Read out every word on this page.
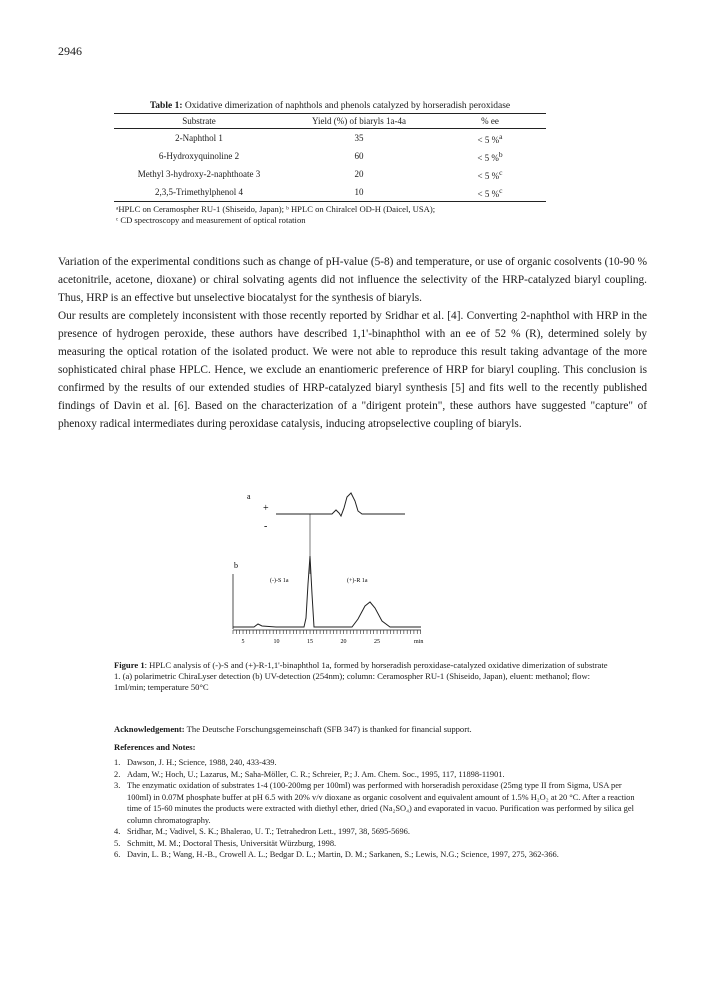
2946
Table 1: Oxidative dimerization of naphthols and phenols catalyzed by horseradish peroxidase
Substrate	Yield (%) of biaryls 1a-4a	% ee
2-Naphthol 1	35	< 5 %$^a$
6-Hydroxyquinoline 2	60	< 5 %$^b$
Methyl 3-hydroxy-2-naphthoate 3	20	< 5 %$^c$
2,3,5-Trimethylphenol 4	10	< 5 %$^c$
ᵃHPLC on Ceramospher RU-1 (Shiseido, Japan); ᵇ HPLC on Chiralcel OD-H (Daicel, USA);
ᶜ CD spectroscopy and measurement of optical rotation

Variation of the experimental conditions such as change of pH-value (5-8) and temperature, or use of organic cosolvents (10-90 % acetonitrile, acetone, dioxane) or chiral solvating agents did not influence the selectivity of the HRP-catalyzed biaryl coupling. Thus, HRP is an effective but unselective biocatalyst for the synthesis of biaryls.

Our results are completely inconsistent with those recently reported by Sridhar et al. [4]. Converting 2-naphthol with HRP in the presence of hydrogen peroxide, these authors have described 1,1'-binaphthol with an ee of 52 % (R), determined solely by measuring the optical rotation of the isolated product. We were not able to reproduce this result taking advantage of the more sophisticated chiral phase HPLC. Hence, we exclude an enantiomeric preference of HRP for biaryl coupling. This conclusion is confirmed by the results of our extended studies of HRP-catalyzed biaryl synthesis [5] and fits well to the recently published findings of Davin et al. [6]. Based on the characterization of a "dirigent protein", these authors have suggested "capture" of phenoxy radical intermediates during peroxidase catalysis, inducing atropselective coupling of biaryls.

a
+
-
b
(-)-S 1a	(+)-R 1a
5	10	15	20	25	min
Figure 1: HPLC analysis of (-)-S and (+)-R-1,1'-binaphthol 1a, formed by horseradish peroxidase-catalyzed oxidative dimerization of substrate 1. (a) polarimetric ChiraLyser detection (b) UV-detection (254nm); column: Ceramospher RU-1 (Shiseido, Japan), eluent: methanol; flow: 1ml/min; temperature 50°C
Acknowledgement: The Deutsche Forschungsgemeinschaft (SFB 347) is thanked for financial support.
References and Notes:
1. Dawson, J. H.; Science, 1988, 240, 433-439.
2. Adam, W.; Hoch, U.; Lazarus, M.; Saha-Möller, C. R.; Schreier, P.; J. Am. Chem. Soc., 1995, 117, 11898-11901.
3. The enzymatic oxidation of substrates 1-4 (100-200mg per 100ml) was performed with horseradish peroxidase (25mg type II from Sigma, USA per 100ml) in 0.07M phosphate buffer at pH 6.5 with 20% v/v dioxane as organic cosolvent and equivalent amount of 1.5% H₂O₂ at 20 °C. After a reaction time of 15-60 minutes the products were extracted with diethyl ether, dried (Na₂SO₄) and evaporated in vacuo. Purification was performed by silica gel column chromatography.
4. Sridhar, M.; Vadivel, S. K.; Bhalerao, U. T.; Tetrahedron Lett., 1997, 38, 5695-5696.
5. Schmitt, M. M.; Doctoral Thesis, Universität Würzburg, 1998.
6. Davin, L. B.; Wang, H.-B., Crowell A. L.; Bedgar D. L.; Martin, D. M.; Sarkanen, S.; Lewis, N.G.; Science, 1997, 275, 362-366.
